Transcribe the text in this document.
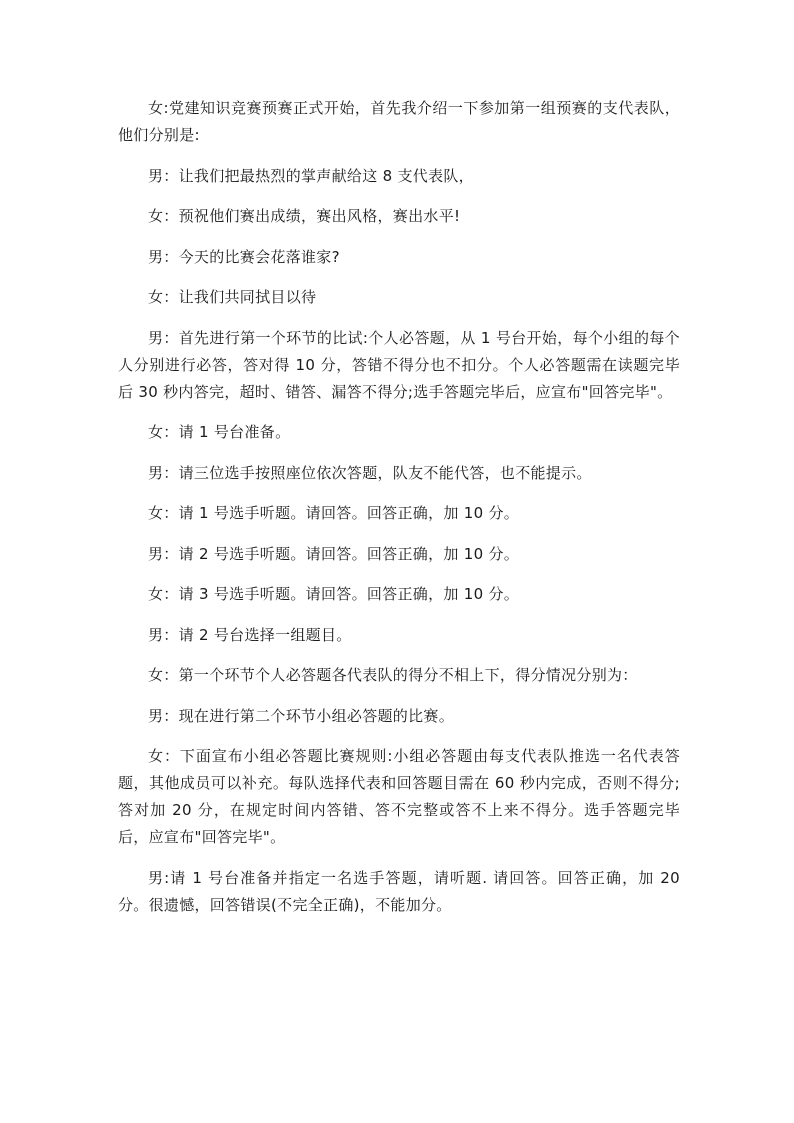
女:党建知识竞赛预赛正式开始，首先我介绍一下参加第一组预赛的支代表队，他们分别是:

男：让我们把最热烈的掌声献给这 8 支代表队，

女：预祝他们赛出成绩，赛出风格，赛出水平!

男：今天的比赛会花落谁家?

女：让我们共同拭目以待

男：首先进行第一个环节的比试:个人必答题，从 1 号台开始，每个小组的每个人分别进行必答，答对得 10 分，答错不得分也不扣分。个人必答题需在读题完毕后 30 秒内答完，超时、错答、漏答不得分;选手答题完毕后，应宣布"回答完毕"。

女：请 1 号台准备。

男：请三位选手按照座位依次答题，队友不能代答，也不能提示。

女：请 1 号选手听题。请回答。回答正确，加 10 分。

男：请 2 号选手听题。请回答。回答正确，加 10 分。

女：请 3 号选手听题。请回答。回答正确，加 10 分。

男：请 2 号台选择一组题目。

女：第一个环节个人必答题各代表队的得分不相上下，得分情况分别为：

男：现在进行第二个环节小组必答题的比赛。

女：下面宣布小组必答题比赛规则:小组必答题由每支代表队推选一名代表答题，其他成员可以补充。每队选择代表和回答题目需在 60 秒内完成，否则不得分;答对加 20 分，在规定时间内答错、答不完整或答不上来不得分。选手答题完毕后，应宣布"回答完毕"。

男:请 1 号台准备并指定一名选手答题，请听题. 请回答。回答正确，加 20 分。很遗憾，回答错误(不完全正确)，不能加分。
